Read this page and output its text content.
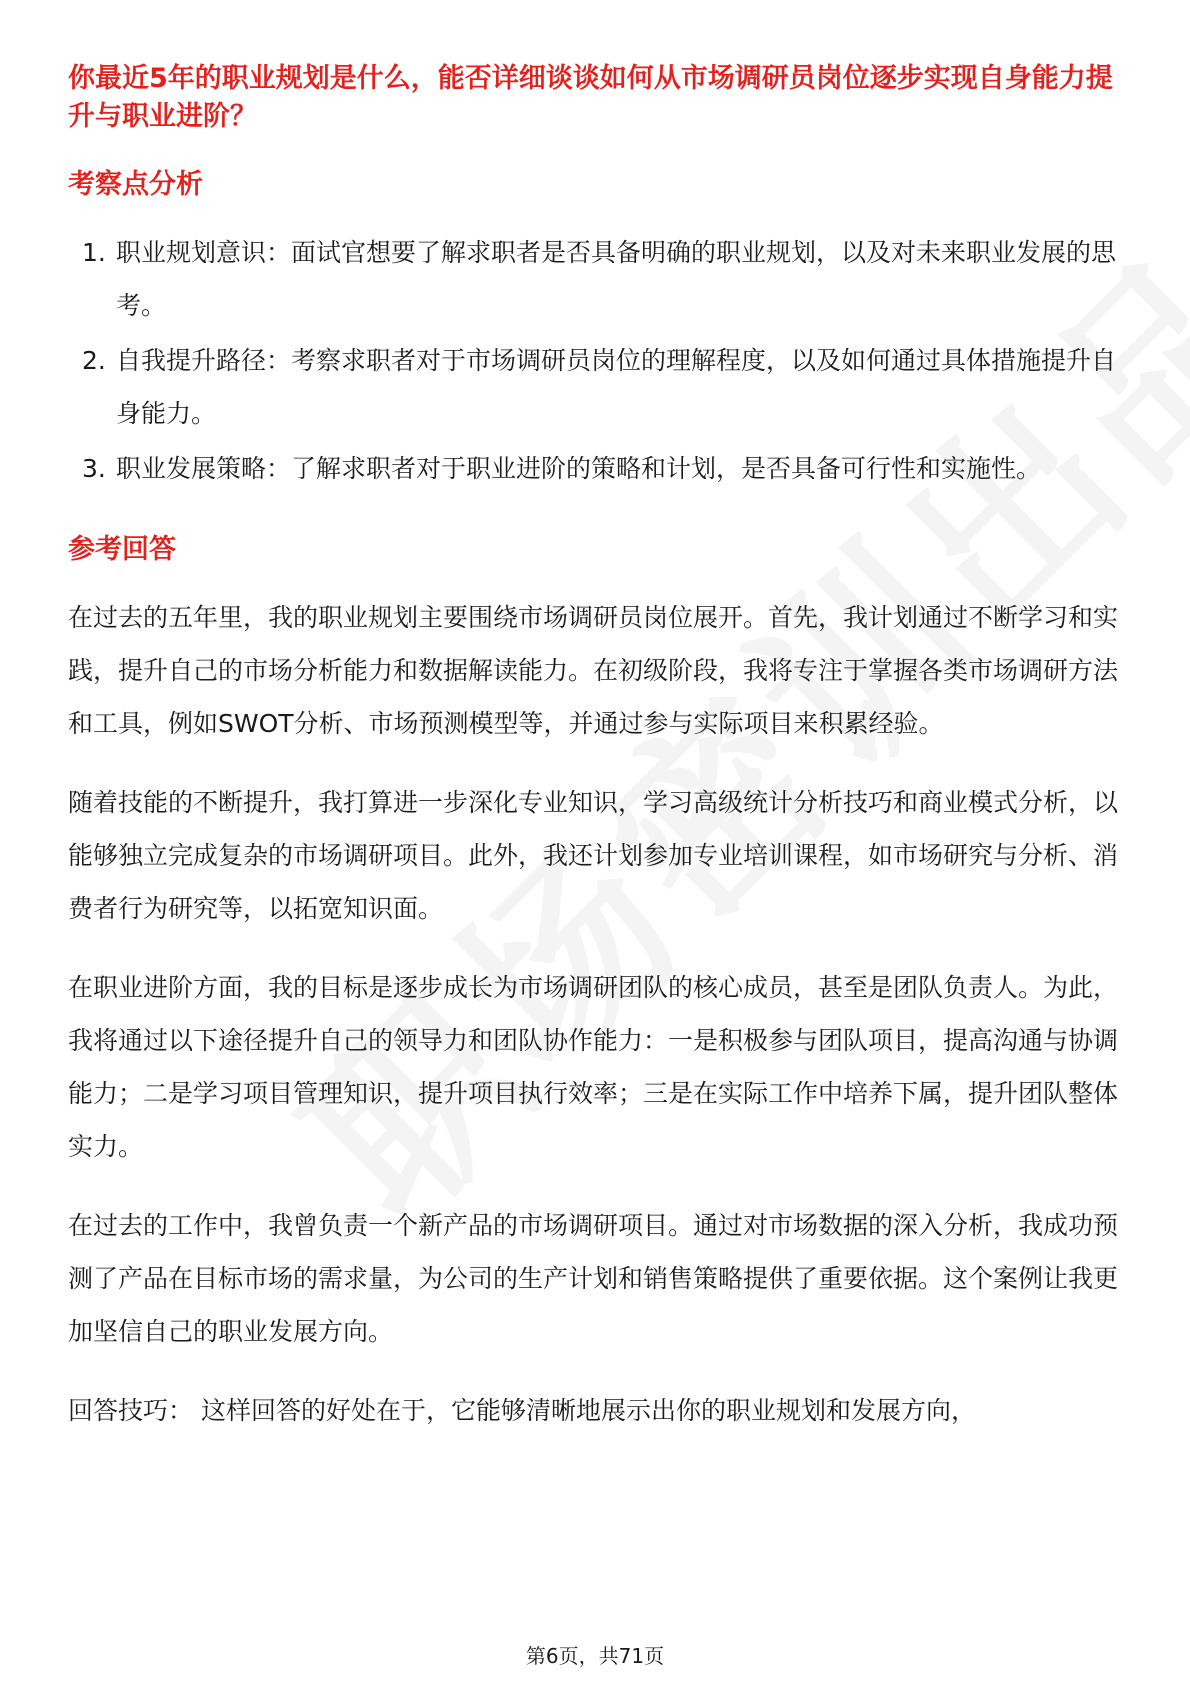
你最近5年的职业规划是什么，能否详细谈谈如何从市场调研员岗位逐步实现自身能力提升与职业进阶？

考察点分析
1. 职业规划意识：面试官想要了解求职者是否具备明确的职业规划，以及对未来职业发展的思考。
2. 自我提升路径：考察求职者对于市场调研员岗位的理解程度，以及如何通过具体措施提升自身能力。
3. 职业发展策略：了解求职者对于职业进阶的策略和计划，是否具备可行性和实施性。
参考回答

在过去的五年里，我的职业规划主要围绕市场调研员岗位展开。首先，我计划通过不断学习和实践，提升自己的市场分析能力和数据解读能力。在初级阶段，我将专注于掌握各类市场调研方法和工具，例如SWOT分析、市场预测模型等，并通过参与实际项目来积累经验。

随着技能的不断提升，我打算进一步深化专业知识，学习高级统计分析技巧和商业模式分析，以能够独立完成复杂的市场调研项目。此外，我还计划参加专业培训课程，如市场研究与分析、消费者行为研究等，以拓宽知识面。

在职业进阶方面，我的目标是逐步成长为市场调研团队的核心成员，甚至是团队负责人。为此，我将通过以下途径提升自己的领导力和团队协作能力：一是积极参与团队项目，提高沟通与协调能力；二是学习项目管理知识，提升项目执行效率；三是在实际工作中培养下属，提升团队整体实力。

在过去的工作中，我曾负责一个新产品的市场调研项目。通过对市场数据的深入分析，我成功预测了产品在目标市场的需求量，为公司的生产计划和销售策略提供了重要依据。这个案例让我更加坚信自己的职业发展方向。

回答技巧： 这样回答的好处在于，它能够清晰地展示出你的职业规划和发展方向，

第6页，共71页
